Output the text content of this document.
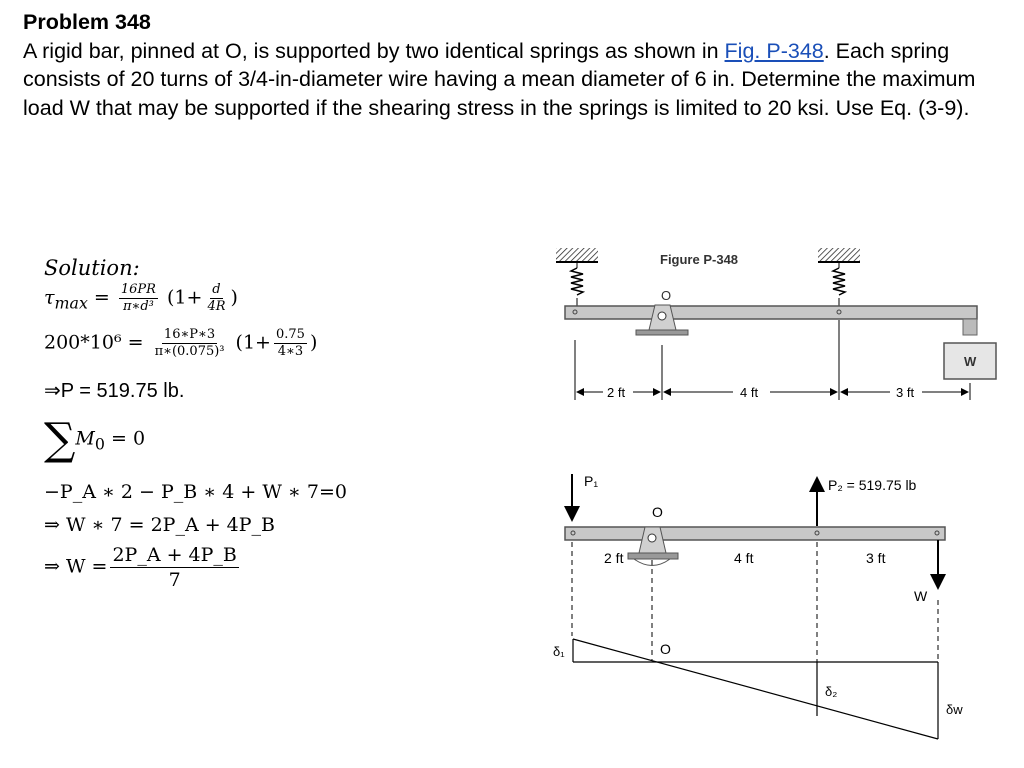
Problem 348
A rigid bar, pinned at O, is supported by two identical springs as shown in Fig. P-348. Each spring consists of 20 turns of 3/4-in-diameter wire having a mean diameter of 6 in. Determine the maximum load W that may be supported if the shearing stress in the springs is limited to 20 ksi. Use Eq. (3-9).
Solution:
$\tau_{max} = \frac{16PR}{\text{π∗d³}} (1+ \frac{d}{4R}$ )
$200*10^6 = \frac{16∗P∗3}{\text{π∗(0.075)³}} (1+ \frac{0.75}{4∗3}$ )
⇒P = 519.75 lb.
$\sum M_0 = 0$
−P_A ∗ 2 − P_B ∗ 4 + W ∗ 7=0
⇒ W ∗ 7 = 2P_A + 4P_B
⇒ $W = \frac{2P\_A + 4P\_B}{7}$
Figure P-348
O
W
2 ft	4 ft	3 ft
P₁	P₂ = 519.75 lb
O
2 ft	4 ft	3 ft
W
δ₁	O
δ₂
δw
